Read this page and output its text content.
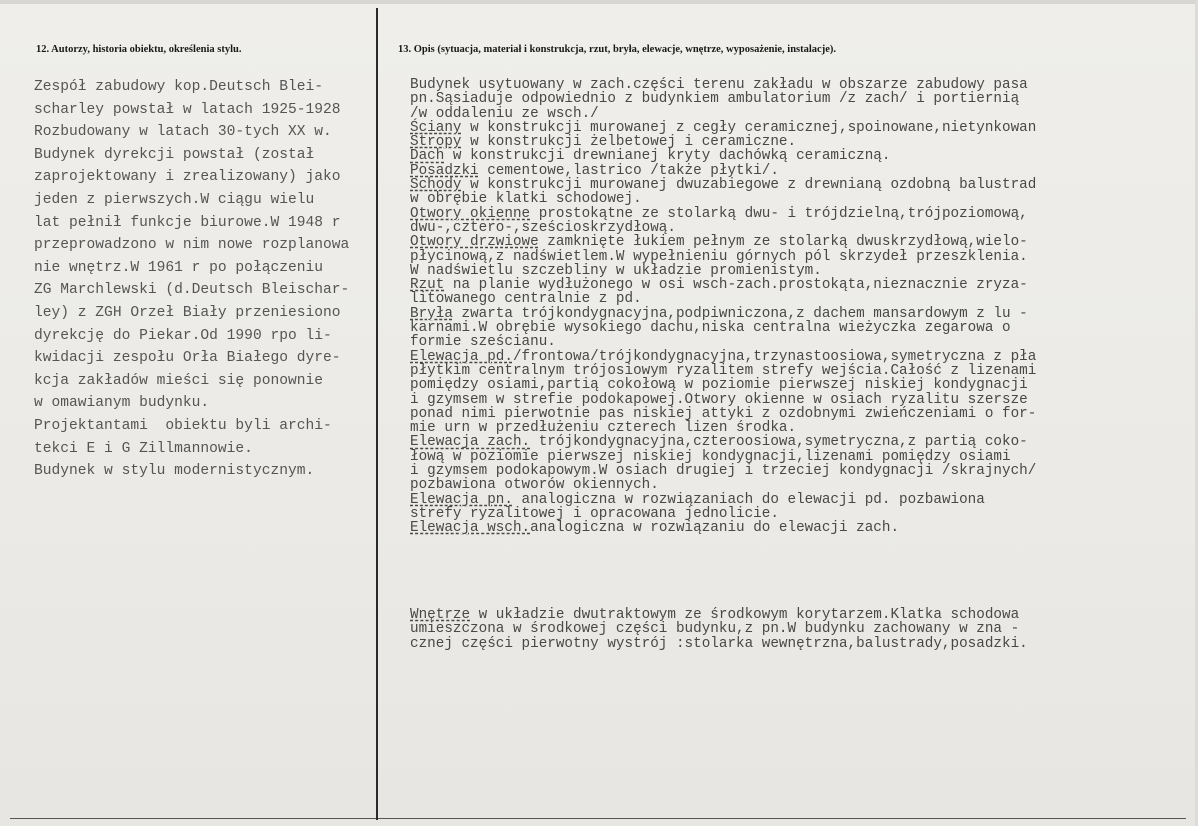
12. Autorzy, historia obiektu, określenia stylu.	13. Opis (sytuacja, materiał i konstrukcja, rzut, bryła, elewacje, wnętrze, wyposażenie, instalacje).
Zespół zabudowy kop.Deutsch Blei-
scharley powstał w latach 1925-1928
Rozbudowany w latach 30-tych XX w.
Budynek dyrekcji powstał (został
zaprojektowany i zrealizowany) jako
jeden z pierwszych.W ciągu wielu
lat pełnił funkcje biurowe.W 1948 r
przeprowadzono w nim nowe rozplanowa
nie wnętrz.W 1961 r po połączeniu
ZG Marchlewski (d.Deutsch Bleischar-
ley) z ZGH Orzeł Biały przeniesiono
dyrekcję do Piekar.Od 1990 rpo li-
kwidacji zespołu Orła Białego dyre-
kcja zakładów mieści się ponownie
w omawianym budynku.
Projektantami  obiektu byli archi-
tekci E i G Zillmannowie.
Budynek w stylu modernistycznym.
Budynek usytuowany w zach.części terenu zakładu w obszarze zabudowy pasa
pn.Sąsiaduje odpowiednio z budynkiem ambulatorium /z zach/ i portiernią
/w oddaleniu ze wsch./
Ściany w konstrukcji murowanej z cegły ceramicznej,spoinowane,nietynkowan
Stropy w konstrukcji żelbetowej i ceramiczne.
Dach w konstrukcji drewnianej kryty dachówką ceramiczną.
Posadzki cementowe,lastrico /także płytki/.
Schody w konstrukcji murowanej dwuzabiegowe z drewnianą ozdobną balustrad
w obrębie klatki schodowej.
Otwory okienne prostokątne ze stolarką dwu- i trójdzielną,trójpoziomową,
dwu-,cztero-,sześcioskrzydłową.
Otwory drzwiowe zamknięte łukiem pełnym ze stolarką dwuskrzydłową,wielo-
płycinową,z nadświetlem.W wypełnieniu górnych pól skrzydeł przeszklenia.
W nadświetlu szczebliny w układzie promienistym.
Rzut na planie wydłużonego w osi wsch-zach.prostokąta,nieznacznie zryza-
litowanego centralnie z pd.
Bryła zwarta trójkondygnacyjna,podpiwniczona,z dachem mansardowym z lu -
karnami.W obrębie wysokiego dachu,niska centralna wieżyczka zegarowa o
formie sześcianu.
Elewacja pd./frontowa/trójkondygnacyjna,trzynastoosiowa,symetryczna z pła
płytkim centralnym trójosiowym ryzalitem strefy wejścia.Całość z lizenami
pomiędzy osiami,partią cokołową w poziomie pierwszej niskiej kondygnacji
i gzymsem w strefie podokapowej.Otwory okienne w osiach ryzalitu szersze
ponad nimi pierwotnie pas niskiej attyki z ozdobnymi zwieńczeniami o for-
mie urn w przedłużeniu czterech lizen środka.
Elewacja zach. trójkondygnacyjna,czteroosiowa,symetryczna,z partią coko-
łową w poziomie pierwszej niskiej kondygnacji,lizenami pomiędzy osiami
i gzymsem podokapowym.W osiach drugiej i trzeciej kondygnacji /skrajnych/
pozbawiona otworów okiennych.
Elewacja pn. analogiczna w rozwiązaniach do elewacji pd. pozbawiona
strefy ryzalitowej i opracowana jednolicie.
Elewacja wsch.analogiczna w rozwiązaniu do elewacji zach.
Wnętrze w układzie dwutraktowym ze środkowym korytarzem.Klatka schodowa
umieszczona w środkowej części budynku,z pn.W budynku zachowany w zna -
cznej części pierwotny wystrój :stolarka wewnętrzna,balustrady,posadzki.
